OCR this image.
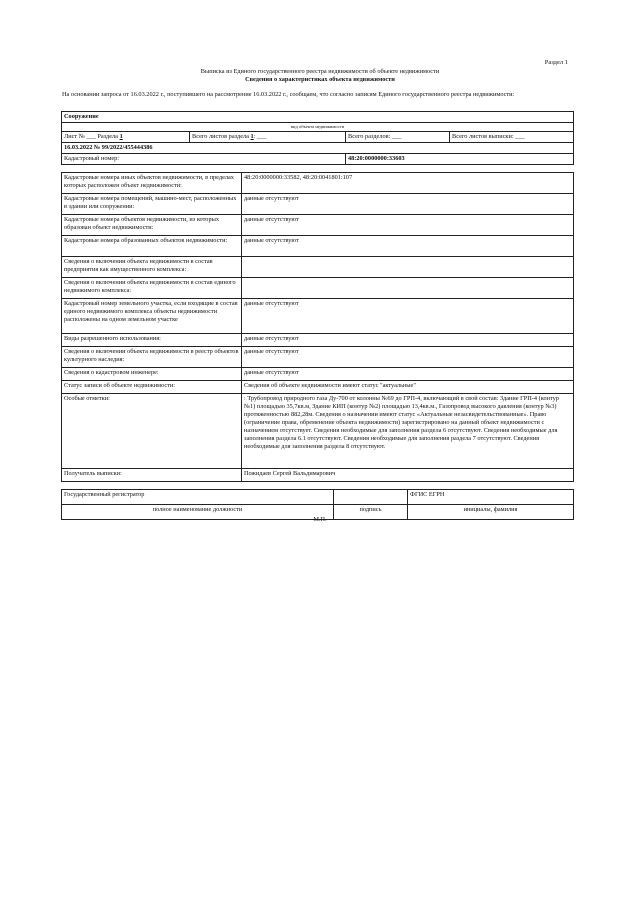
Раздел 1
Выписка из Единого государственного реестра недвижимости об объекте недвижимости
Сведения о характеристиках объекта недвижимости
На основании запроса от 16.03.2022 г., поступившего на рассмотрение 16.03.2022 г., сообщаем, что согласно записям Единого государственного реестра недвижимости:
Сооружение			
вид объекта недвижимости			
Лист № ___ Раздела 1	Всего листов раздела 1: ___	Всего разделов: ___	Всего листов выписки: ___
16.03.2022 № 99/2022/455444386			
Кадастровый номер:		48:20:0000000:33603	
Кадастровые номера иных объектов недвижимости, в пределах которых расположен объект недвижимости:	48:20:0000000:33582, 48:20:0041801:107
Кадастровые номера помещений, машино-мест, расположенных в здании или сооружении:	данные отсутствуют
Кадастровые номера объектов недвижимости, из которых образован объект недвижимости:	данные отсутствуют
Кадастровые номера образованных объектов недвижимости:	данные отсутствуют
Сведения о включении объекта недвижимости в состав предприятия как имущественного комплекса:	
Сведения о включении объекта недвижимости в состав единого недвижимого комплекса:	
Кадастровый номер земельного участка, если входящие в состав единого недвижимого комплекса объекты недвижимости расположены на одном земельном участке	данные отсутствуют
Виды разрешенного использования:	данные отсутствуют
Сведения о включении объекта недвижимости в реестр объектов культурного наследия:	данные отсутствуют
Сведения о кадастровом инженере:	данные отсутствуют
Статус записи об объекте недвижимости:	Сведения об объекте недвижимости имеют статус "актуальные"
Особые отметки:	: Трубопровод природного газа Ду-700 от колонны №69 до ГРП-4, включающий в свой состав: Здание ГРП-4 (контур №1) площадью 35,7кв.м, Здание КИП (контур №2) площадью 13,4кв.м., Газопровод высокого давления (контур №3) протяженностью 882,28м. Сведения о назначении имеют статус «Актуальные незасвидетельствованные». Право (ограничение права, обременение объекта недвижимости) зарегистрировано на данный объект недвижимости с назначением отсутствует. Сведения необходимые для заполнения раздела 6 отсутствуют. Сведения необходимые для заполнения раздела 6.1 отсутствуют. Сведения необходимые для заполнения раздела 7 отсутствуют. Сведения необходимые для заполнения раздела 8 отсутствуют.
Получатель выписки:	Пожидаев Сергей Вальдимарович
Государственный регистратор		ФГИС ЕГРН
полное наименование должности	подпись	инициалы, фамилия
М.П.
